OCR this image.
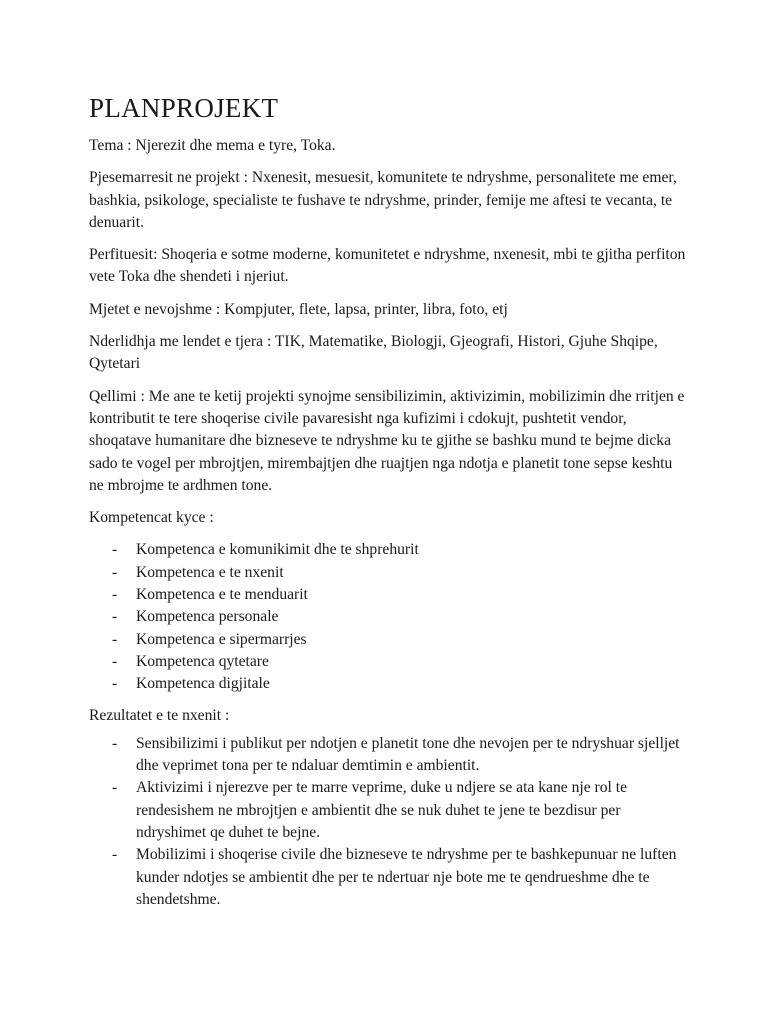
PLANPROJEKT

Tema : Njerezit dhe mema e tyre, Toka.

Pjesemarresit ne projekt : Nxenesit, mesuesit, komunitete te ndryshme, personalitete me emer, bashkia, psikologe, specialiste te fushave te ndryshme, prinder, femije me aftesi te vecanta, te denuarit.

Perfituesit: Shoqeria e sotme moderne, komunitetet e ndryshme, nxenesit, mbi te gjitha perfiton vete Toka dhe shendeti i njeriut.

Mjetet e nevojshme : Kompjuter, flete, lapsa, printer, libra, foto, etj

Nderlidhja me lendet e tjera : TIK, Matematike, Biologji, Gjeografi, Histori, Gjuhe Shqipe, Qytetari

Qellimi : Me ane te ketij projekti synojme sensibilizimin, aktivizimin, mobilizimin dhe rritjen e kontributit te tere shoqerise civile pavaresisht nga kufizimi i cdokujt, pushtetit vendor, shoqatave humanitare dhe bizneseve te ndryshme ku te gjithe se bashku mund te bejme dicka sado te vogel per mbrojtjen, mirembajtjen dhe ruajtjen nga ndotja e planetit tone sepse keshtu ne mbrojme te ardhmen tone.

Kompetencat kyce :

- Kompetenca e komunikimit dhe te shprehurit
- Kompetenca e te nxenit
- Kompetenca e te menduarit
- Kompetenca personale
- Kompetenca e sipermarrjes
- Kompetenca qytetare
- Kompetenca digjitale

Rezultatet e te nxenit :

- Sensibilizimi i publikut per ndotjen e planetit tone dhe nevojen per te ndryshuar sjelljet dhe veprimet tona per te ndaluar demtimin e ambientit.
- Aktivizimi i njerezve per te marre veprime, duke u ndjere se ata kane nje rol te rendesishem ne mbrojtjen e ambientit dhe se nuk duhet te jene te bezdisur per ndryshimet qe duhet te bejne.
- Mobilizimi i shoqerise civile dhe bizneseve te ndryshme per te bashkepunuar ne luften kunder ndotjes se ambientit dhe per te ndertuar nje bote me te qendrueshme dhe te shendetshme.
